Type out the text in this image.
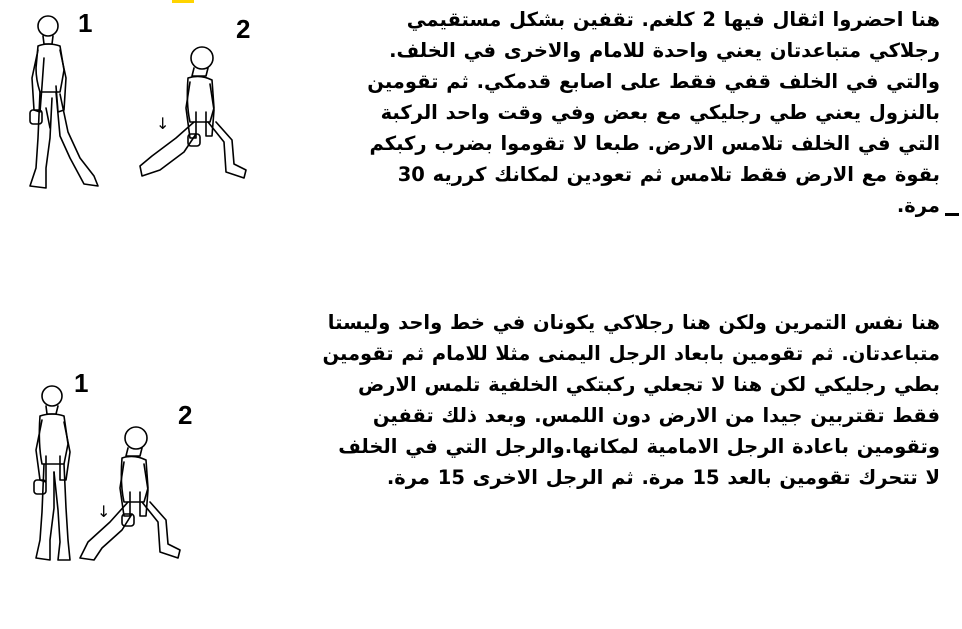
1
↓
2	هنا احضروا اثقال فيها 2 كلغم. تقفين بشكل مستقيمي
رجلاكي متباعدتان يعني واحدة للامام والاخرى في الخلف.
والتي في الخلف قفي فقط على اصابع قدمكي. ثم تقومين
بالنزول يعني طي رجليكي مع بعض وفي وقت واحد الركبة
التي في الخلف تلامس الارض. طبعا لا تقوموا بضرب ركبكم
بقوة مع الارض فقط تلامس ثم تعودين لمكانك كرريه 30
مرة.
1
↓
2
هنا نفس التمرين ولكن هنا رجلاكي يكونان في خط واحد وليستا
متباعدتان. ثم تقومين بابعاد الرجل اليمنى مثلا للامام ثم تقومين
بطي رجليكي لكن هنا لا تجعلي ركبتكي الخلفية تلمس الارض
فقط تقتربين جيدا من الارض دون اللمس. وبعد ذلك تقفين
وتقومين باعادة الرجل الامامية لمكانها.والرجل التي في الخلف
لا تتحرك تقومين بالعد 15 مرة. ثم الرجل الاخرى 15 مرة.
